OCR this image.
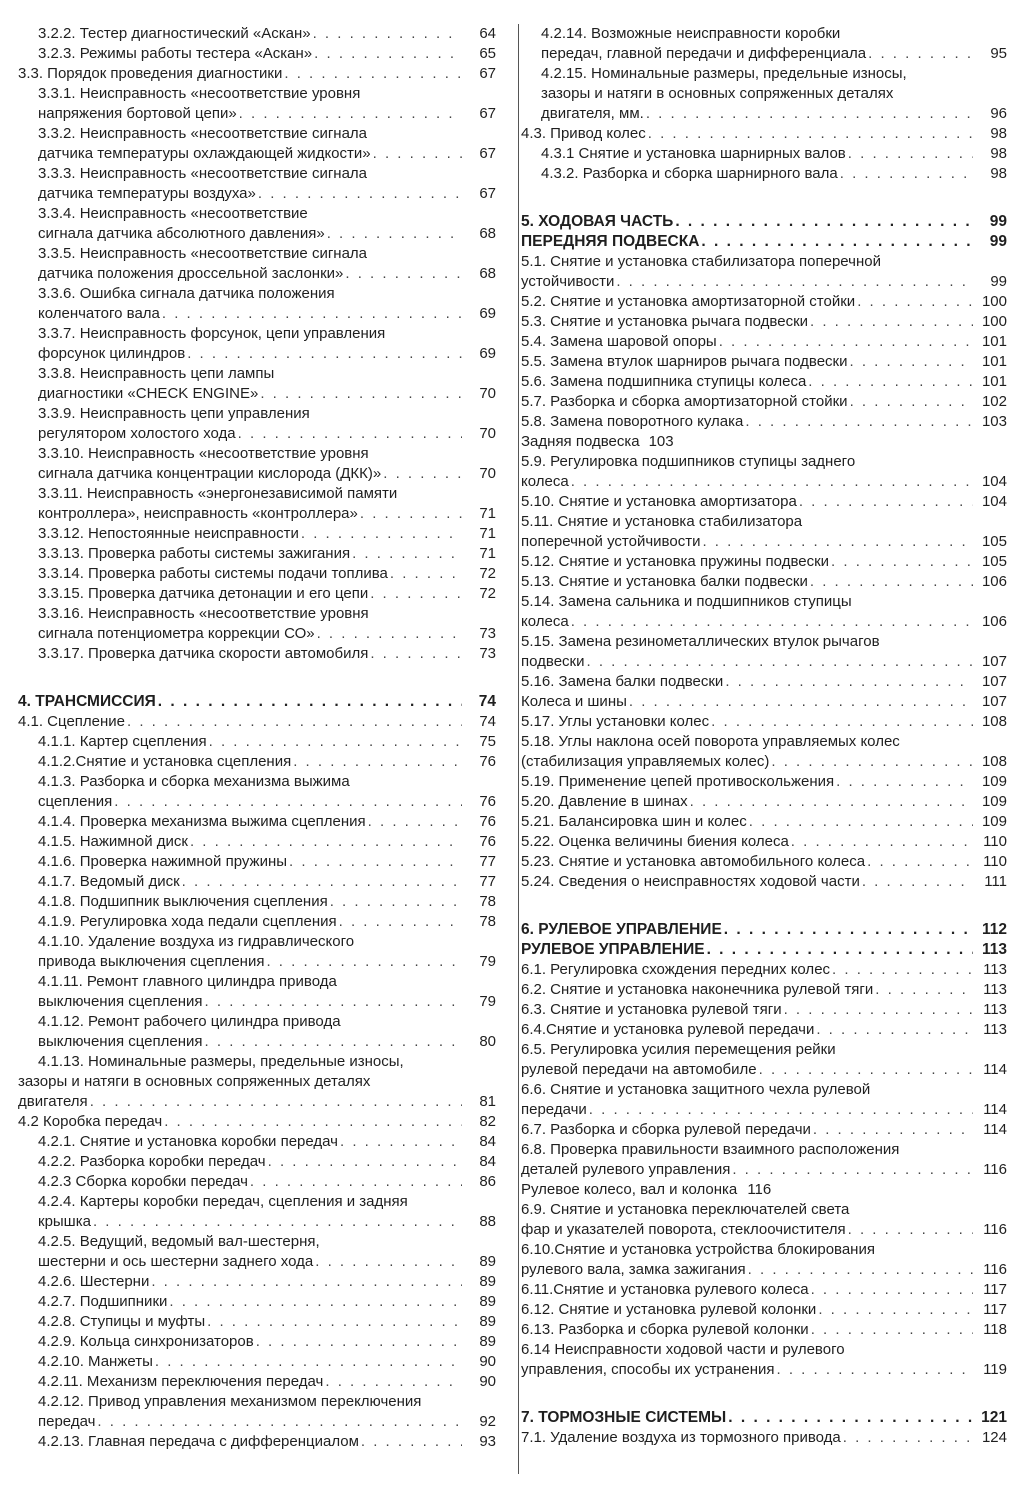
3.2.2. Тестер диагностический «Аскан» . . .	64
3.2.3. Режимы работы тестера «Аскан» . . .	65
3.3. Порядок проведения диагностики . . .	67
3.3.1. Неисправность «несоответствие уровня
напряжения бортовой цепи» . . .	67
3.3.2. Неисправность «несоответствие сигнала
датчика температуры охлаждающей жидкости» . . .	67
3.3.3. Неисправность «несоответствие сигнала
датчика температуры воздуха» . . .	67
3.3.4. Неисправность «несоответствие
сигнала датчика абсолютного давления» . . .	68
3.3.5. Неисправность «несоответствие сигнала
датчика положения дроссельной заслонки» . . .	68
3.3.6. Ошибка сигнала датчика положения
коленчатого вала . . .	69
3.3.7. Неисправность форсунок, цепи управления
форсунок цилиндров . . .	69
3.3.8. Неисправность цепи лампы
диагностики «CHECK ENGINE» . . .	70
3.3.9. Неисправность цепи управления
регулятором холостого хода . . .	70
3.3.10. Неисправность «несоответствие уровня
сигнала датчика концентрации кислорода (ДКК)» . . .	70
3.3.11. Неисправность «энергонезависимой памяти
контроллера», неисправность «контроллера» . . .	71
3.3.12. Непостоянные неисправности . . .	71
3.3.13. Проверка работы системы зажигания . . .	71
3.3.14. Проверка работы системы подачи топлива . . .	72
3.3.15. Проверка датчика детонации и его цепи . . .	72
3.3.16. Неисправность «несоответствие уровня
сигнала потенциометра коррекции СО» . . .	73
3.3.17. Проверка датчика скорости автомобиля . . .	73
4. ТРАНСМИССИЯ . . .	74
4.1. Сцепление . . .	74
4.1.1. Картер сцепления . . .	75
4.1.2.Снятие и установка сцепления . . .	76
4.1.3. Разборка и сборка механизма выжима
сцепления . . .	76
4.1.4. Проверка механизма выжима сцепления . . .	76
4.1.5. Нажимной диск . . .	76
4.1.6. Проверка нажимной пружины . . .	77
4.1.7. Ведомый диск . . .	77
4.1.8. Подшипник выключения сцепления . . .	78
4.1.9. Регулировка хода педали сцепления . . .	78
4.1.10. Удаление воздуха из гидравлического
привода выключения сцепления . . .	79
4.1.11. Ремонт главного цилиндра привода
выключения сцепления . . .	79
4.1.12. Ремонт рабочего цилиндра привода
выключения сцепления . . .	80
4.1.13. Номинальные размеры, предельные износы,
зазоры и натяги в основных сопряженных деталях
двигателя . . .	81
4.2 Коробка передач . . .	82
4.2.1. Снятие и установка коробки передач . . .	84
4.2.2. Разборка коробки передач . . .	84
4.2.3 Сборка коробки передач . . .	86
4.2.4. Картеры коробки передач, сцепления и задняя
крышка . . .	88
4.2.5. Ведущий, ведомый вал-шестерня,
шестерни и ось шестерни заднего хода . . .	89
4.2.6. Шестерни . . .	89
4.2.7. Подшипники . . .	89
4.2.8. Ступицы и муфты . . .	89
4.2.9. Кольца синхронизаторов . . .	89
4.2.10. Манжеты . . .	90
4.2.11. Механизм переключения передач . . .	90
4.2.12. Привод управления механизмом переключения
передач . . .	92
4.2.13. Главная передача с дифференциалом . . .	93
4.2.14. Возможные неисправности коробки
передач, главной передачи и дифференциала . . .	95
4.2.15. Номинальные размеры, предельные износы,
зазоры и натяги в основных сопряженных деталях
двигателя, мм. . . .	96
4.3. Привод колес . . .	98
4.3.1 Снятие и установка шарнирных валов . . .	98
4.3.2. Разборка и сборка шарнирного вала . . .	98
5. ХОДОВАЯ ЧАСТЬ . . .	99
ПЕРЕДНЯЯ ПОДВЕСКА . . .	99
5.1. Снятие и установка стабилизатора поперечной
устойчивости . . .	99
5.2. Снятие и установка амортизаторной стойки . . .	100
5.3. Снятие и установка рычага подвески . . .	100
5.4. Замена шаровой опоры . . .	101
5.5. Замена втулок шарниров рычага подвески . . .	101
5.6. Замена подшипника ступицы колеса . . .	101
5.7. Разборка и сборка амортизаторной стойки . . .	102
5.8. Замена поворотного кулака . . .	103
Задняя подвеска 103
5.9. Регулировка подшипников ступицы заднего
колеса . . .	104
5.10. Снятие и установка амортизатора . . .	104
5.11. Снятие и установка стабилизатора
поперечной устойчивости . . .	105
5.12. Снятие и установка пружины подвески . . .	105
5.13. Снятие и установка балки подвески . . .	106
5.14. Замена сальника и подшипников ступицы
колеса . . .	106
5.15. Замена резинометаллических втулок рычагов
подвески . . .	107
5.16. Замена балки подвески . . .	107
Колеса и шины . . .	107
5.17. Углы установки колес . . .	108
5.18. Углы наклона осей поворота управляемых колес
(стабилизация управляемых колес) . . .	108
5.19. Применение цепей противоскольжения . . .	109
5.20. Давление в шинах . . .	109
5.21. Балансировка шин и колес . . .	109
5.22. Оценка величины биения колеса . . .	110
5.23. Снятие и установка автомобильного колеса . . .	110
5.24. Сведения о неисправностях ходовой части . . .	111
6. РУЛЕВОЕ УПРАВЛЕНИЕ . . .	112
РУЛЕВОЕ УПРАВЛЕНИЕ . . .	113
6.1. Регулировка схождения передних колес . . .	113
6.2. Снятие и установка наконечника рулевой тяги . . .	113
6.3. Снятие и установка рулевой тяги . . .	113
6.4.Снятие и установка рулевой передачи . . .	113
6.5. Регулировка усилия перемещения рейки
рулевой передачи на автомобиле . . .	114
6.6. Снятие и установка защитного чехла рулевой
передачи . . .	114
6.7. Разборка и сборка рулевой передачи . . .	114
6.8. Проверка правильности взаимного расположения
деталей рулевого управления . . .	116
Рулевое колесо, вал и колонка 116
6.9. Снятие и установка переключателей света
фар и указателей поворота, стеклоочистителя . . .	116
6.10.Снятие и установка устройства блокирования
рулевого вала, замка зажигания . . .	116
6.11.Снятие и установка рулевого колеса . . .	117
6.12. Снятие и установка рулевой колонки . . .	117
6.13. Разборка и сборка рулевой колонки . . .	118
6.14 Неисправности ходовой части и рулевого
управления, способы их устранения . . .	119
7. ТОРМОЗНЫЕ СИСТЕМЫ . . .	121
7.1. Удаление воздуха из тормозного привода . . .	124
